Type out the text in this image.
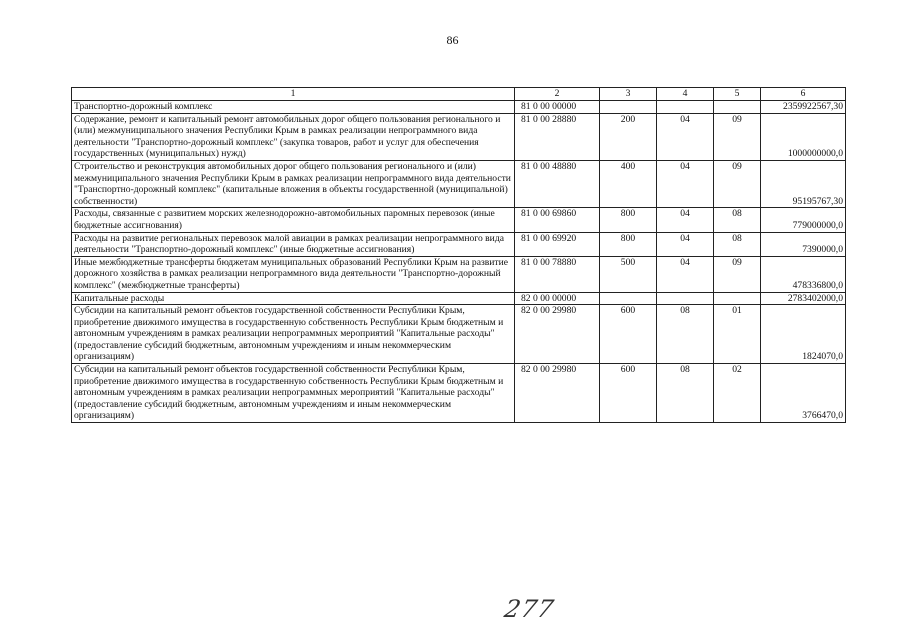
86
1	2	3	4	5	6
Транспортно-дорожный комплекс	81 0 00 00000				2359922567,30
Содержание, ремонт и капитальный ремонт автомобильных дорог общего пользования регионального и (или) межмуниципального значения Республики Крым в рамках реализации непрограммного вида деятельности "Транспортно-дорожный комплекс" (закупка товаров, работ и услуг для обеспечения государственных (муниципальных) нужд)	81 0 00 28880	200	04	09	1000000000,0
Строительство и реконструкция автомобильных дорог общего пользования регионального и (или) межмуниципального значения Республики Крым в рамках реализации непрограммного вида деятельности "Транспортно-дорожный комплекс" (капитальные вложения в объекты государственной (муниципальной) собственности)	81 0 00 48880	400	04	09	95195767,30
Расходы, связанные с развитием морских железнодорожно-автомобильных паромных перевозок (иные бюджетные ассигнования)	81 0 00 69860	800	04	08	779000000,0
Расходы на развитие региональных перевозок малой авиации в рамках реализации непрограммного вида деятельности "Транспортно-дорожный комплекс" (иные бюджетные ассигнования)	81 0 00 69920	800	04	08	7390000,0
Иные межбюджетные трансферты бюджетам муниципальных образований Республики Крым на развитие дорожного хозяйства в рамках реализации непрограммного вида деятельности "Транспортно-дорожный комплекс" (межбюджетные трансферты)	81 0 00 78880	500	04	09	478336800,0
Капитальные расходы	82 0 00 00000				2783402000,0
Субсидии на капитальный ремонт объектов государственной собственности Республики Крым, приобретение движимого имущества в государственную собственность Республики Крым бюджетным и автономным учреждениям в рамках реализации непрограммных мероприятий "Капитальные расходы" (предоставление субсидий бюджетным, автономным учреждениям и иным некоммерческим организациям)	82 0 00 29980	600	08	01	1824070,0
Субсидии на капитальный ремонт объектов государственной собственности Республики Крым, приобретение движимого имущества в государственную собственность Республики Крым бюджетным и автономным учреждениям в рамках реализации непрограммных мероприятий "Капитальные расходы" (предоставление субсидий бюджетным, автономным учреждениям и иным некоммерческим организациям)	82 0 00 29980	600	08	02	3766470,0
277
